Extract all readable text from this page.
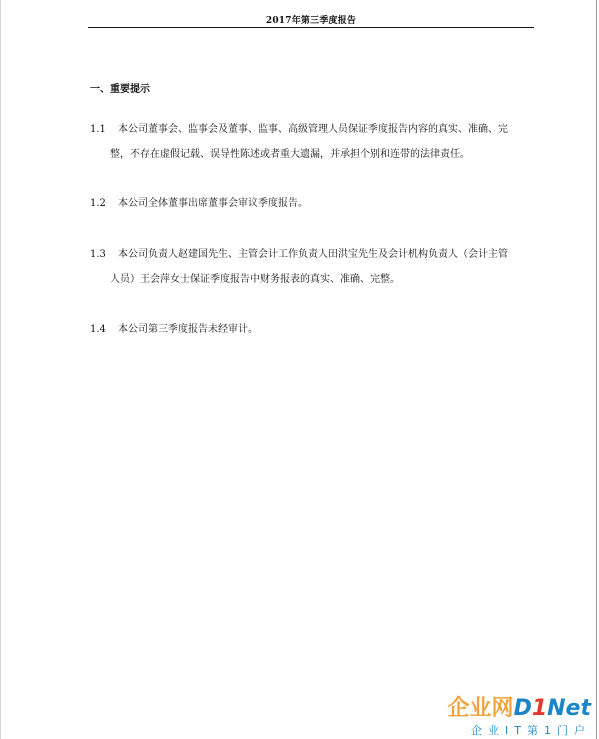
2017年第三季度报告
一、重要提示
1.1	本公司董事会、监事会及董事、监事、高级管理人员保证季度报告内容的真实、准确、完
整，不存在虚假记载、误导性陈述或者重大遗漏，并承担个别和连带的法律责任。
1.2	本公司全体董事出席董事会审议季度报告。
1.3	本公司负责人赵建国先生、主管会计工作负责人田洪宝先生及会计机构负责人（会计主管
人员）王会萍女士保证季度报告中财务报表的真实、准确、完整。
1.4	本公司第三季度报告未经审计。
企业网D1Net
企业IT第1门户
